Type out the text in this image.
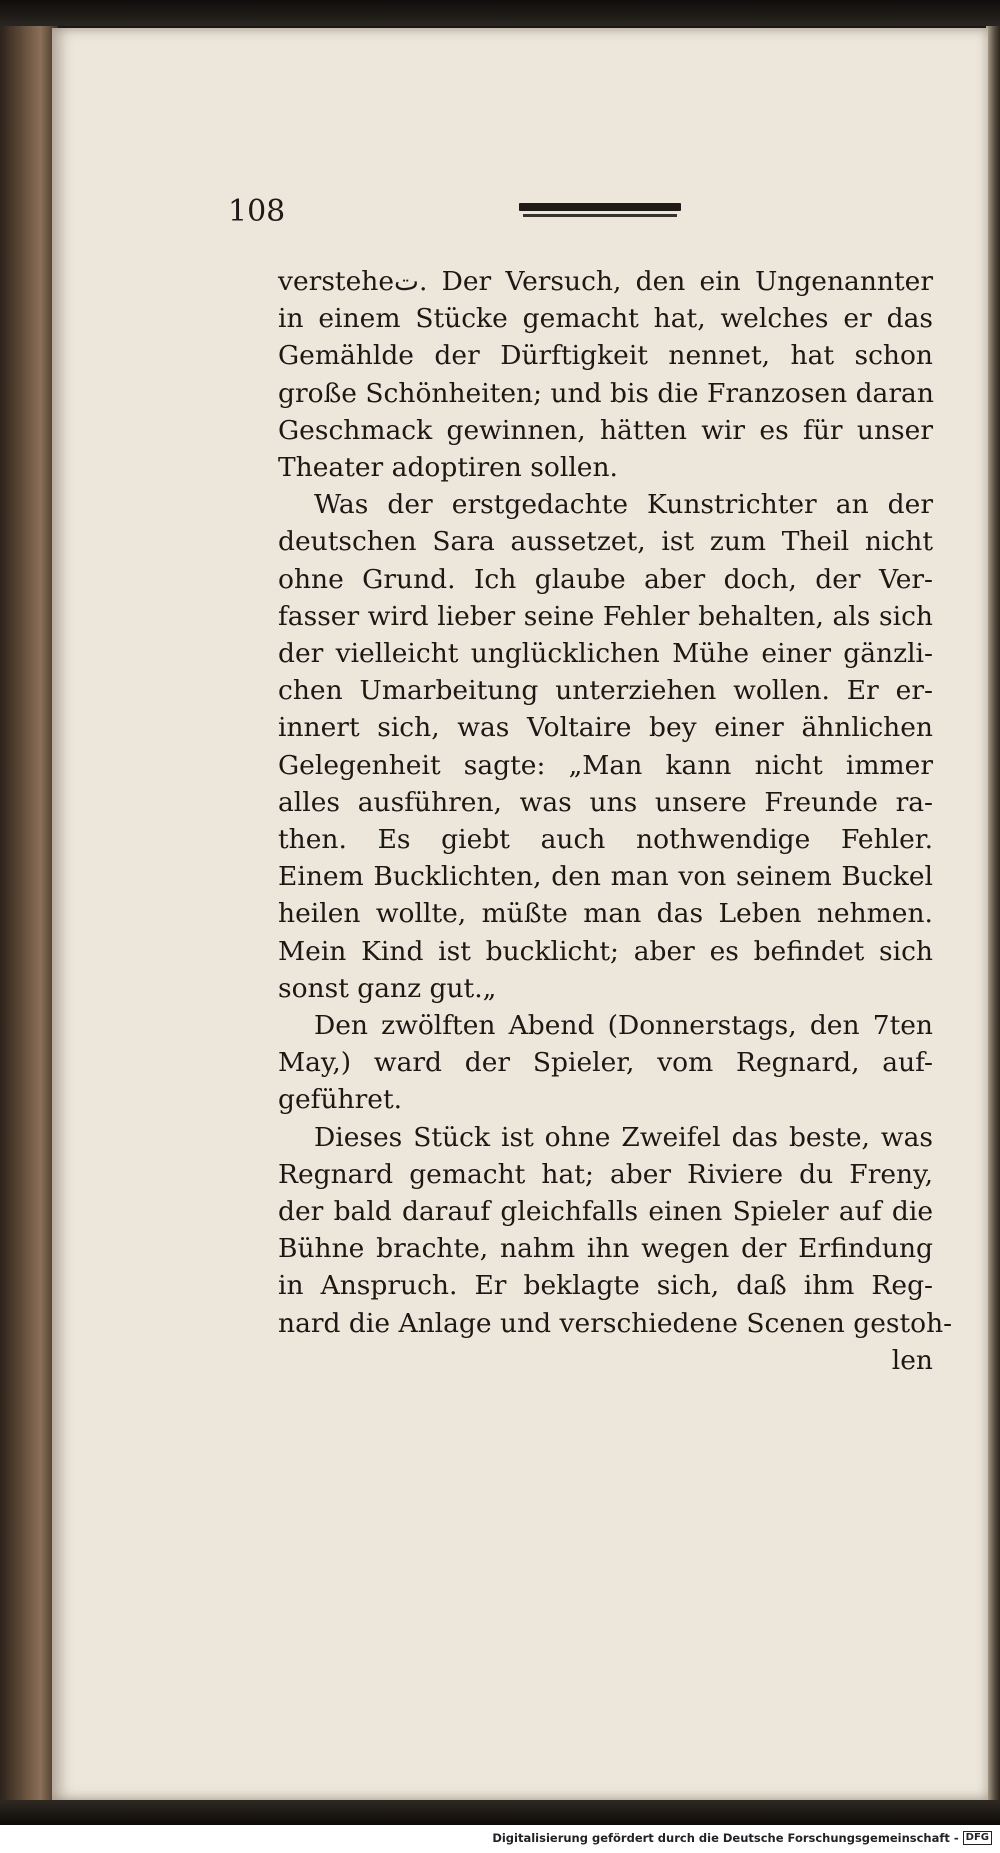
108
versteheت. Der Versuch, den ein Ungenannter
in einem Stücke gemacht hat, welches er das
Gemählde der Dürftigkeit nennet, hat schon
große Schönheiten; und bis die Franzosen daran
Geschmack gewinnen, hätten wir es für unser
Theater adoptiren sollen.
Was der erstgedachte Kunstrichter an der
deutschen Sara aussetzet, ist zum Theil nicht
ohne Grund. Ich glaube aber doch, der Ver-
fasser wird lieber seine Fehler behalten, als sich
der vielleicht unglücklichen Mühe einer gänzli-
chen Umarbeitung unterziehen wollen. Er er-
innert sich, was Voltaire bey einer ähnlichen
Gelegenheit sagte: „Man kann nicht immer
alles ausführen, was uns unsere Freunde ra-
then. Es giebt auch nothwendige Fehler.
Einem Bucklichten, den man von seinem Buckel
heilen wollte, müßte man das Leben nehmen.
Mein Kind ist bucklicht; aber es befindet sich
sonst ganz gut.„
Den zwölften Abend (Donnerstags, den 7ten
May,) ward der Spieler, vom Regnard, auf-
geführet.
Dieses Stück ist ohne Zweifel das beste, was
Regnard gemacht hat; aber Riviere du Freny,
der bald darauf gleichfalls einen Spieler auf die
Bühne brachte, nahm ihn wegen der Erfindung
in Anspruch. Er beklagte sich, daß ihm Reg-
nard die Anlage und verschiedene Scenen gestoh-
len
Digitalisierung gefördert durch die Deutsche Forschungsgemeinschaft - DFG
